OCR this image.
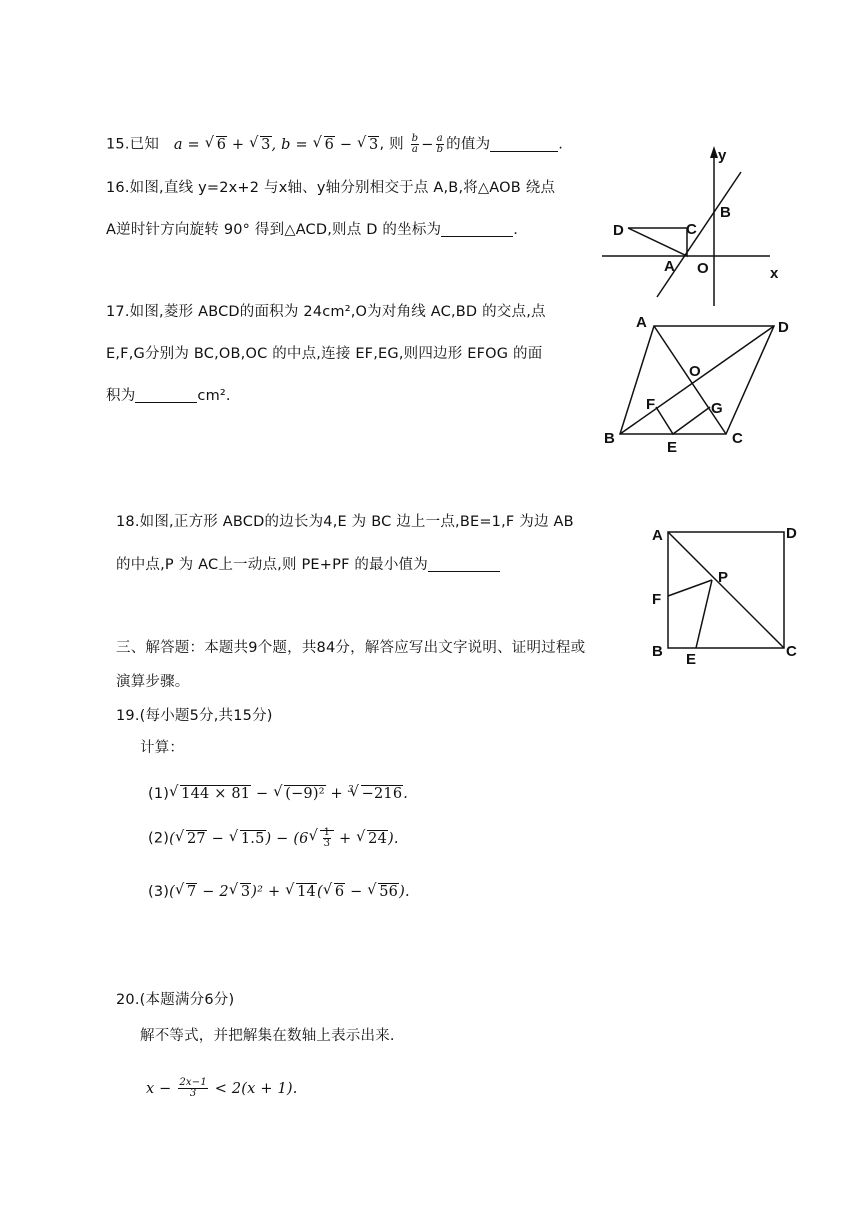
15.已知 a = √ 6 + √ 3, b = √ 6 − √ 3, 则 $\frac{b}{a} - \frac{a}{b}$ 的值为	.
16.如图,直线 y=2x+2 与x轴、y轴分别相交于点 A,B,将△AOB 绕点
A逆时针方向旋转 90° 得到△ACD,则点 D 的坐标为	.
y
x
B
C
D
A O
17.如图,菱形 ABCD的面积为 24cm²,O为对角线 AC,BD 的交点,点
E,F,G分别为 BC,OB,OC 的中点,连接 EF,EG,则四边形 EFOG 的面
积为	cm².
A	D
O
F	G
B
E
C
18.如图,正方形 ABCD的边长为4,E 为 BC 边上一点,BE=1,F 为边 AB
的中点,P 为 AC上一动点,则 PE+PF 的最小值为
A	D
P
F
B E	C
三、解答题：本题共9个题，共84分，解答应写出文字说明、证明过程或
演算步骤。
19.(每小题5分,共15分)
计算：
(1) √ 144 × 81 − √ (−9)² + $^3$ √ −216.
(2)( √ 27 − √ 1.5) − (6 √ $\frac{1}{3}$ + √ 24).
(3)( √ 7 − 2 √ 3)² + √ 14( √ 6 − √ 56).
20.(本题满分6分)
解不等式，并把解集在数轴上表示出来.
$x - \frac{2x-1}{3} < 2(x + 1)$.
